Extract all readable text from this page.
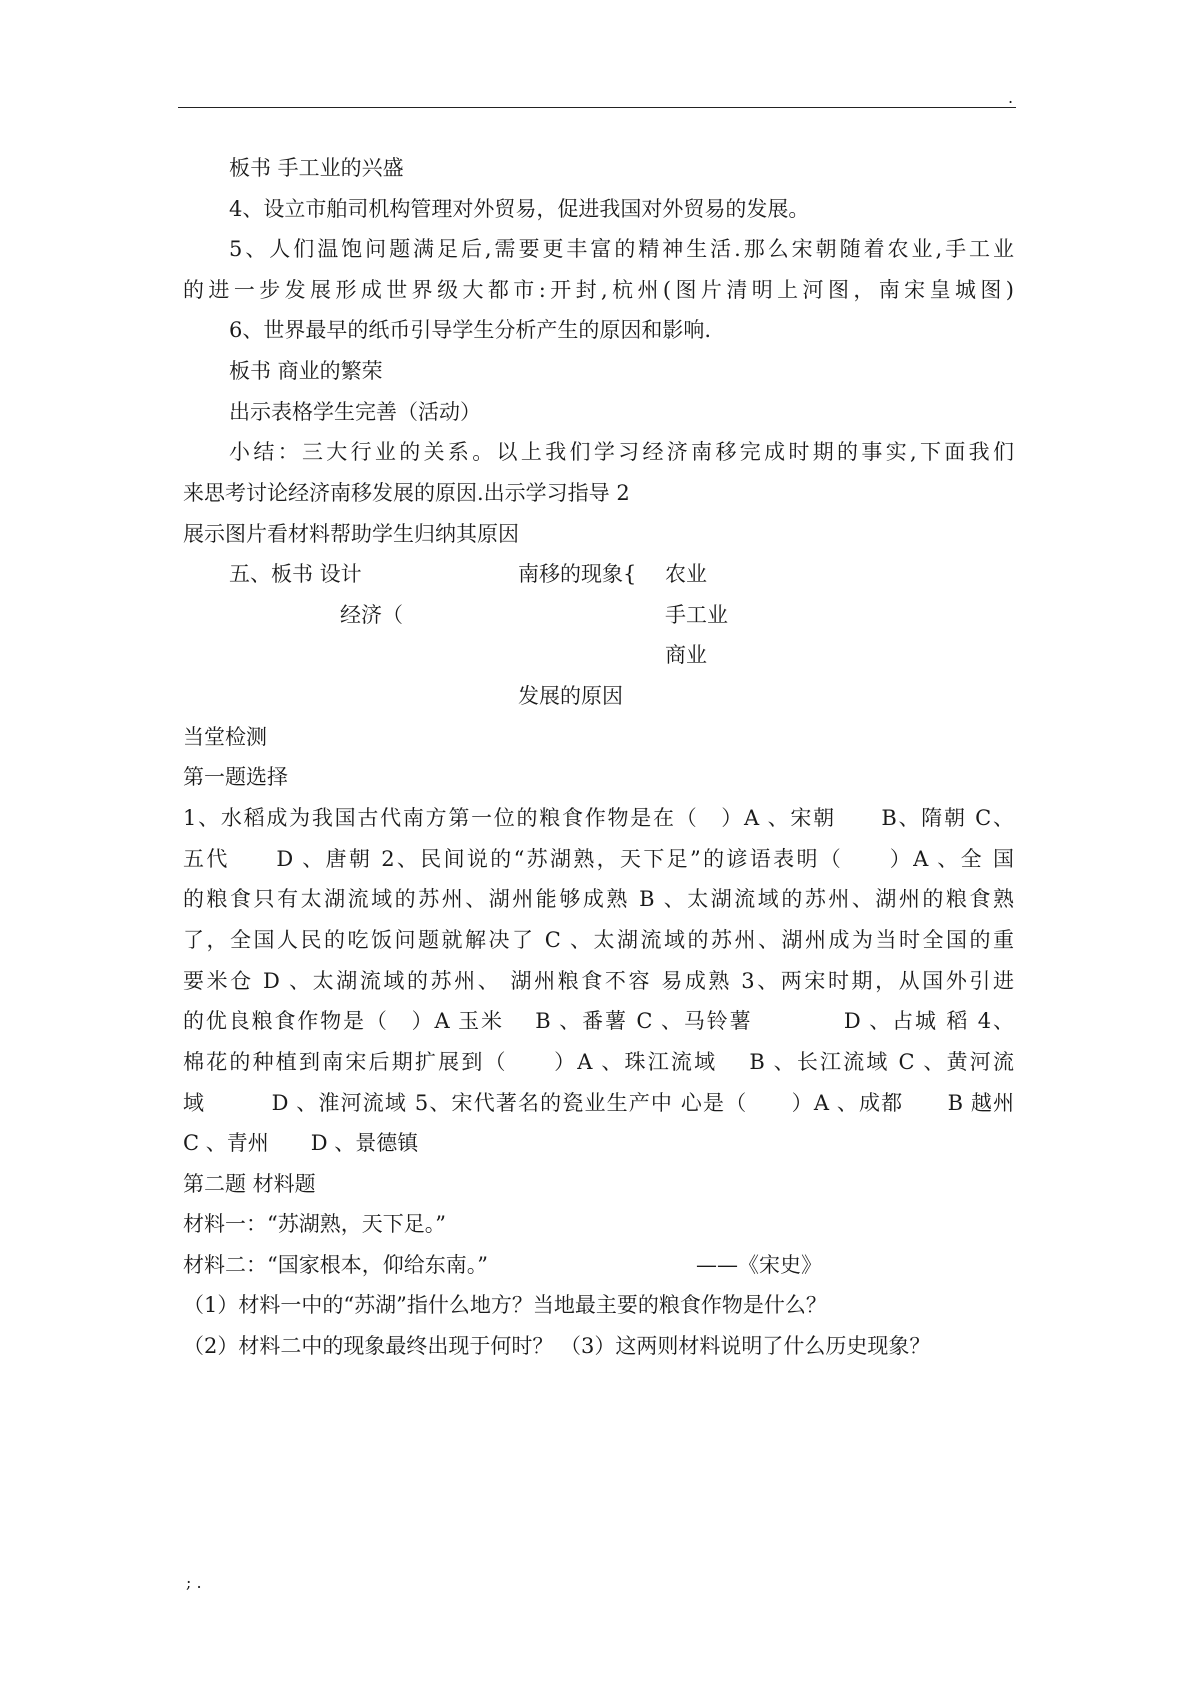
.
板书 手工业的兴盛
4、设立市舶司机构管理对外贸易，促进我国对外贸易的发展。
5、人们温饱问题满足后,需要更丰富的精神生活.那么宋朝随着农业,手工业
的进一步发展形成世界级大都市:开封,杭州(图片清明上河图，南宋皇城图)
6、世界最早的纸币引导学生分析产生的原因和影响.
板书 商业的繁荣
出示表格学生完善（活动）
小结：三大行业的关系。以上我们学习经济南移完成时期的事实,下面我们
来思考讨论经济南移发展的原因.出示学习指导 2
展示图片看材料帮助学生归纳其原因
五、板书 设计	南移的现象{ 农业
经济（	手工业
商业
发展的原因
当堂检测
第一题选择
1、水稻成为我国古代南方第一位的粮食作物是在（　）A 、宋朝　　B、隋朝 C、
五代　　D 、唐朝 2、民间说的“苏湖熟，天下足”的谚语表明（　　）A 、全 国
的粮食只有太湖流域的苏州、湖州能够成熟 B 、太湖流域的苏州、湖州的粮食熟
了，全国人民的吃饭问题就解决了 C 、太湖流域的苏州、湖州成为当时全国的重
要米仓 D 、太湖流域的苏州、 湖州粮食不容 易成熟 3、两宋时期，从国外引进
的优良粮食作物是（　）A 玉米　 B 、番薯 C 、马铃薯　　　　D 、占城 稻 4、
棉花的种植到南宋后期扩展到（　　）A 、珠江流域　 B 、长江流域 C 、黄河流
域　　　D 、淮河流域 5、宋代著名的瓷业生产中 心是（　　）A 、成都　　B 越州
C 、青州　　D 、景德镇
第二题 材料题
材料一：“苏湖熟，天下足。”
材料二：“国家根本，仰给东南。”	——《宋史》
（1）材料一中的“苏湖”指什么地方？当地最主要的粮食作物是什么？
（2）材料二中的现象最终出现于何时？ （3）这两则材料说明了什么历史现象？
; .
